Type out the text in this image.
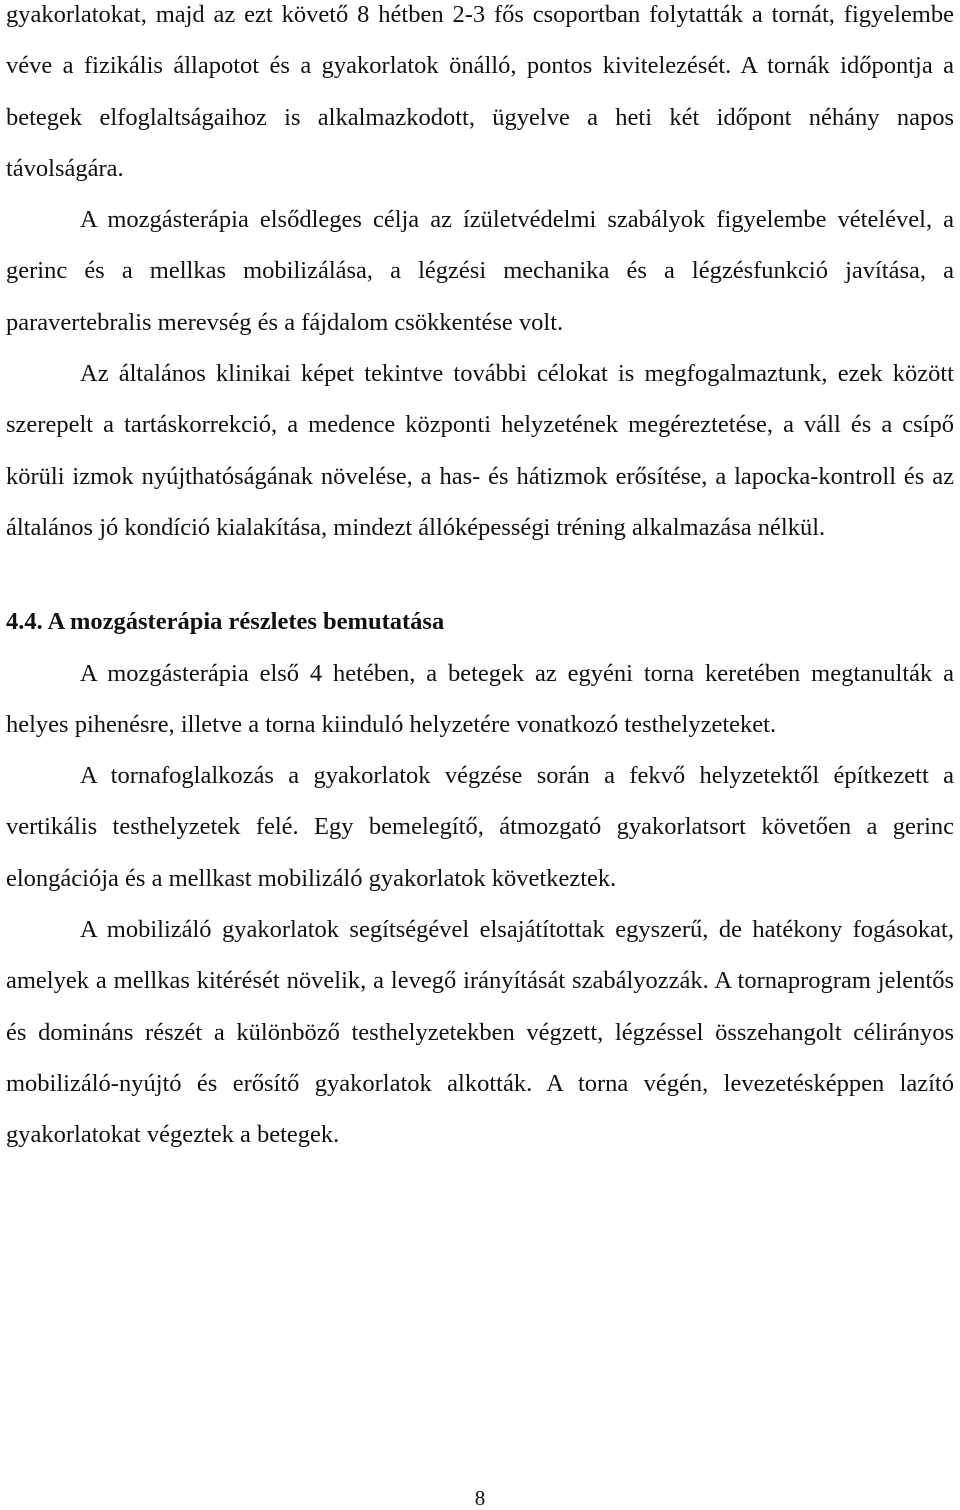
gyakorlatokat, majd az ezt követő 8 hétben 2-3 fős csoportban folytatták a tornát, figyelembe véve a fizikális állapotot és a gyakorlatok önálló, pontos kivitelezését. A tornák időpontja a betegek elfoglaltságaihoz is alkalmazkodott, ügyelve a heti két időpont néhány napos távolságára.

A mozgásterápia elsődleges célja az ízületvédelmi szabályok figyelembe vételével, a gerinc és a mellkas mobilizálása, a légzési mechanika és a légzésfunkció javítása, a paravertebralis merevség és a fájdalom csökkentése volt.

Az általános klinikai képet tekintve további célokat is megfogalmaztunk, ezek között szerepelt a tartáskorrekció, a medence központi helyzetének megéreztetése, a váll és a csípő körüli izmok nyújthatóságának növelése, a has- és hátizmok erősítése, a lapocka-kontroll és az általános jó kondíció kialakítása, mindezt állóképességi tréning alkalmazása nélkül.

4.4. A mozgásterápia részletes bemutatása

A mozgásterápia első 4 hetében, a betegek az egyéni torna keretében megtanulták a helyes pihenésre, illetve a torna kiinduló helyzetére vonatkozó testhelyzeteket.

A tornafoglalkozás a gyakorlatok végzése során a fekvő helyzetektől építkezett a vertikális testhelyzetek felé. Egy bemelegítő, átmozgató gyakorlatsort követően a gerinc elongációja és a mellkast mobilizáló gyakorlatok következtek.

A mobilizáló gyakorlatok segítségével elsajátítottak egyszerű, de hatékony fogásokat, amelyek a mellkas kitérését növelik, a levegő irányítását szabályozzák. A tornaprogram jelentős és domináns részét a különböző testhelyzetekben végzett, légzéssel összehangolt célirányos mobilizáló-nyújtó és erősítő gyakorlatok alkották. A torna végén, levezetésképpen lazító gyakorlatokat végeztek a betegek.

8
